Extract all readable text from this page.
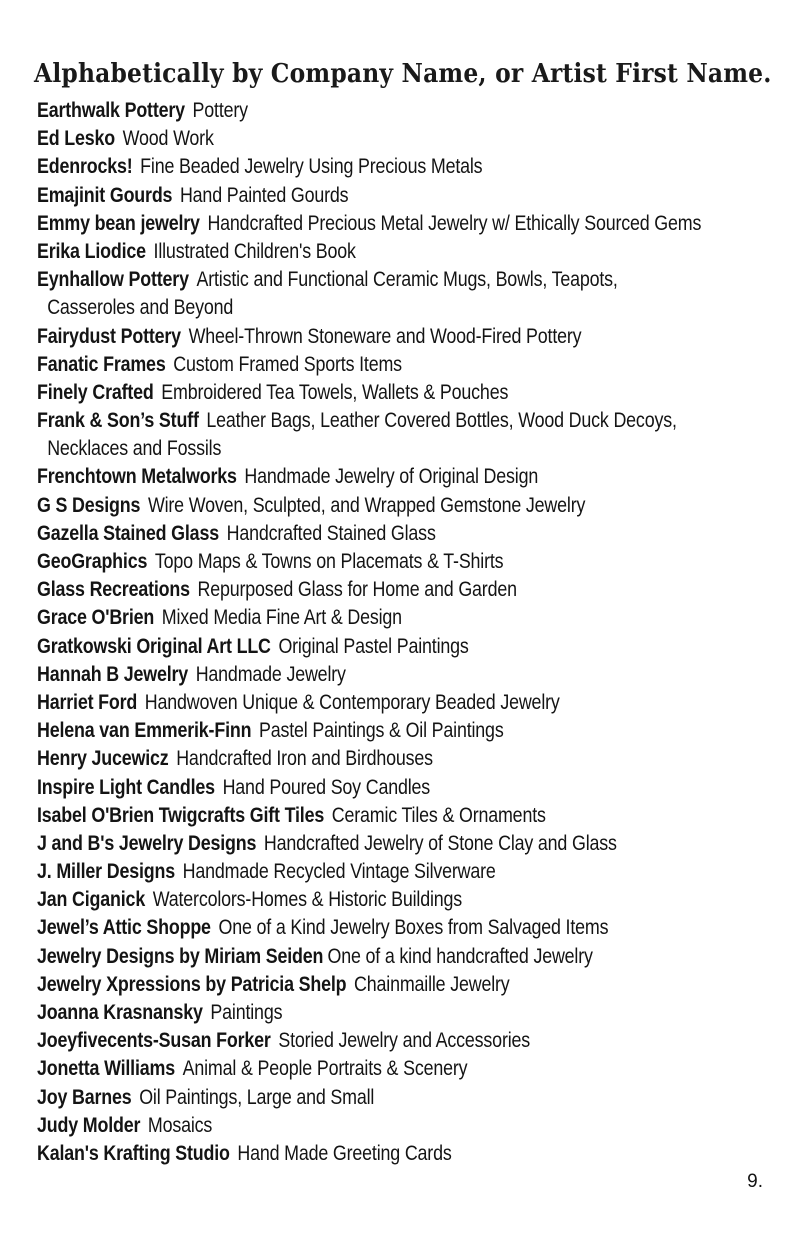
Alphabetically by Company Name, or Artist First Name.
Earthwalk Pottery Pottery
Ed Lesko Wood Work
Edenrocks! Fine Beaded Jewelry Using Precious Metals
Emajinit Gourds Hand Painted Gourds
Emmy bean jewelry Handcrafted Precious Metal Jewelry w/ Ethically Sourced Gems
Erika Liodice Illustrated Children's Book
Eynhallow Pottery Artistic and Functional Ceramic Mugs, Bowls, Teapots,
Casseroles and Beyond
Fairydust Pottery Wheel-Thrown Stoneware and Wood-Fired Pottery
Fanatic Frames Custom Framed Sports Items
Finely Crafted Embroidered Tea Towels, Wallets & Pouches
Frank & Son’s Stuff Leather Bags, Leather Covered Bottles, Wood Duck Decoys,
Necklaces and Fossils
Frenchtown Metalworks Handmade Jewelry of Original Design
G S Designs Wire Woven, Sculpted, and Wrapped Gemstone Jewelry
Gazella Stained Glass Handcrafted Stained Glass
GeoGraphics Topo Maps & Towns on Placemats & T-Shirts
Glass Recreations Repurposed Glass for Home and Garden
Grace O'Brien Mixed Media Fine Art & Design
Gratkowski Original Art LLC Original Pastel Paintings
Hannah B Jewelry Handmade Jewelry
Harriet Ford Handwoven Unique & Contemporary Beaded Jewelry
Helena van Emmerik-Finn Pastel Paintings & Oil Paintings
Henry Jucewicz Handcrafted Iron and Birdhouses
Inspire Light Candles Hand Poured Soy Candles
Isabel O'Brien Twigcrafts Gift Tiles Ceramic Tiles & Ornaments
J and B's Jewelry Designs Handcrafted Jewelry of Stone Clay and Glass
J. Miller Designs Handmade Recycled Vintage Silverware
Jan Ciganick Watercolors-Homes & Historic Buildings
Jewel’s Attic Shoppe One of a Kind Jewelry Boxes from Salvaged Items
Jewelry Designs by Miriam Seiden One of a kind handcrafted Jewelry
Jewelry Xpressions by Patricia Shelp Chainmaille Jewelry
Joanna Krasnansky Paintings
Joeyfivecents-Susan Forker Storied Jewelry and Accessories
Jonetta Williams Animal & People Portraits & Scenery
Joy Barnes Oil Paintings, Large and Small
Judy Molder Mosaics
Kalan's Krafting Studio Hand Made Greeting Cards
9.
